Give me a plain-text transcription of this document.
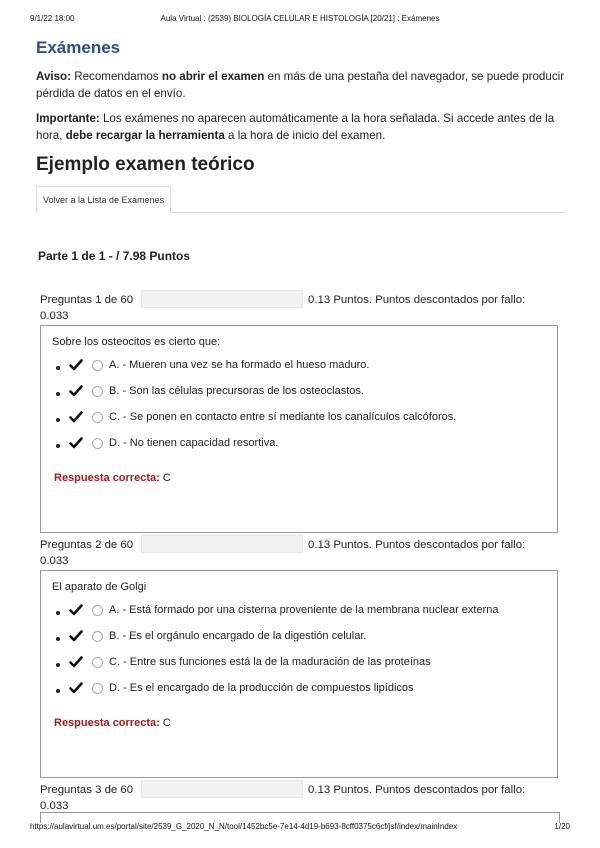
9/1/22 18:00	Aula Virtual : (2539) BIOLOGÍA CELULAR E HISTOLOGÍA [20/21] : Exámenes
Exámenes

Aviso: Recomendamos no abrir el examen en más de una pestaña del navegador, se puede producir pérdida de datos en el envío.

Importante: Los exámenes no aparecen automáticamente a la hora señalada. Si accede antes de la hora, debe recargar la herramienta a la hora de inicio del examen.

Ejemplo examen teórico
Volver a la Lista de Exámenes
Parte 1 de 1 - / 7.98 Puntos
Preguntas 1 de 60	0.13 Puntos. Puntos descontados por fallo:
0.033
Sobre los osteocitos es cierto que:
A. - Mueren una vez se ha formado el hueso maduro.
B. - Son las células precursoras de los osteoclastos.
C. - Se ponen en contacto entre sí mediante los canalículos calcóforos.
D. - No tienen capacidad resortiva.
Respuesta correcta: C
Preguntas 2 de 60	0.13 Puntos. Puntos descontados por fallo:
0.033
El aparato de Golgi
A. - Está formado por una cisterna proveniente de la membrana nuclear externa
B. - Es el orgánulo encargado de la digestión celular.
C. - Entre sus funciones está la de la maduración de las proteínas
D. - Es el encargado de la producción de compuestos lipídicos
Respuesta correcta: C
Preguntas 3 de 60	0.13 Puntos. Puntos descontados por fallo:
0.033
https://aulavirtual.um.es/portal/site/2539_G_2020_N_N/tool/1452bc5e-7e14-4d19-b693-8cff0375c6cf/jsf/index/mainIndex	1/20
